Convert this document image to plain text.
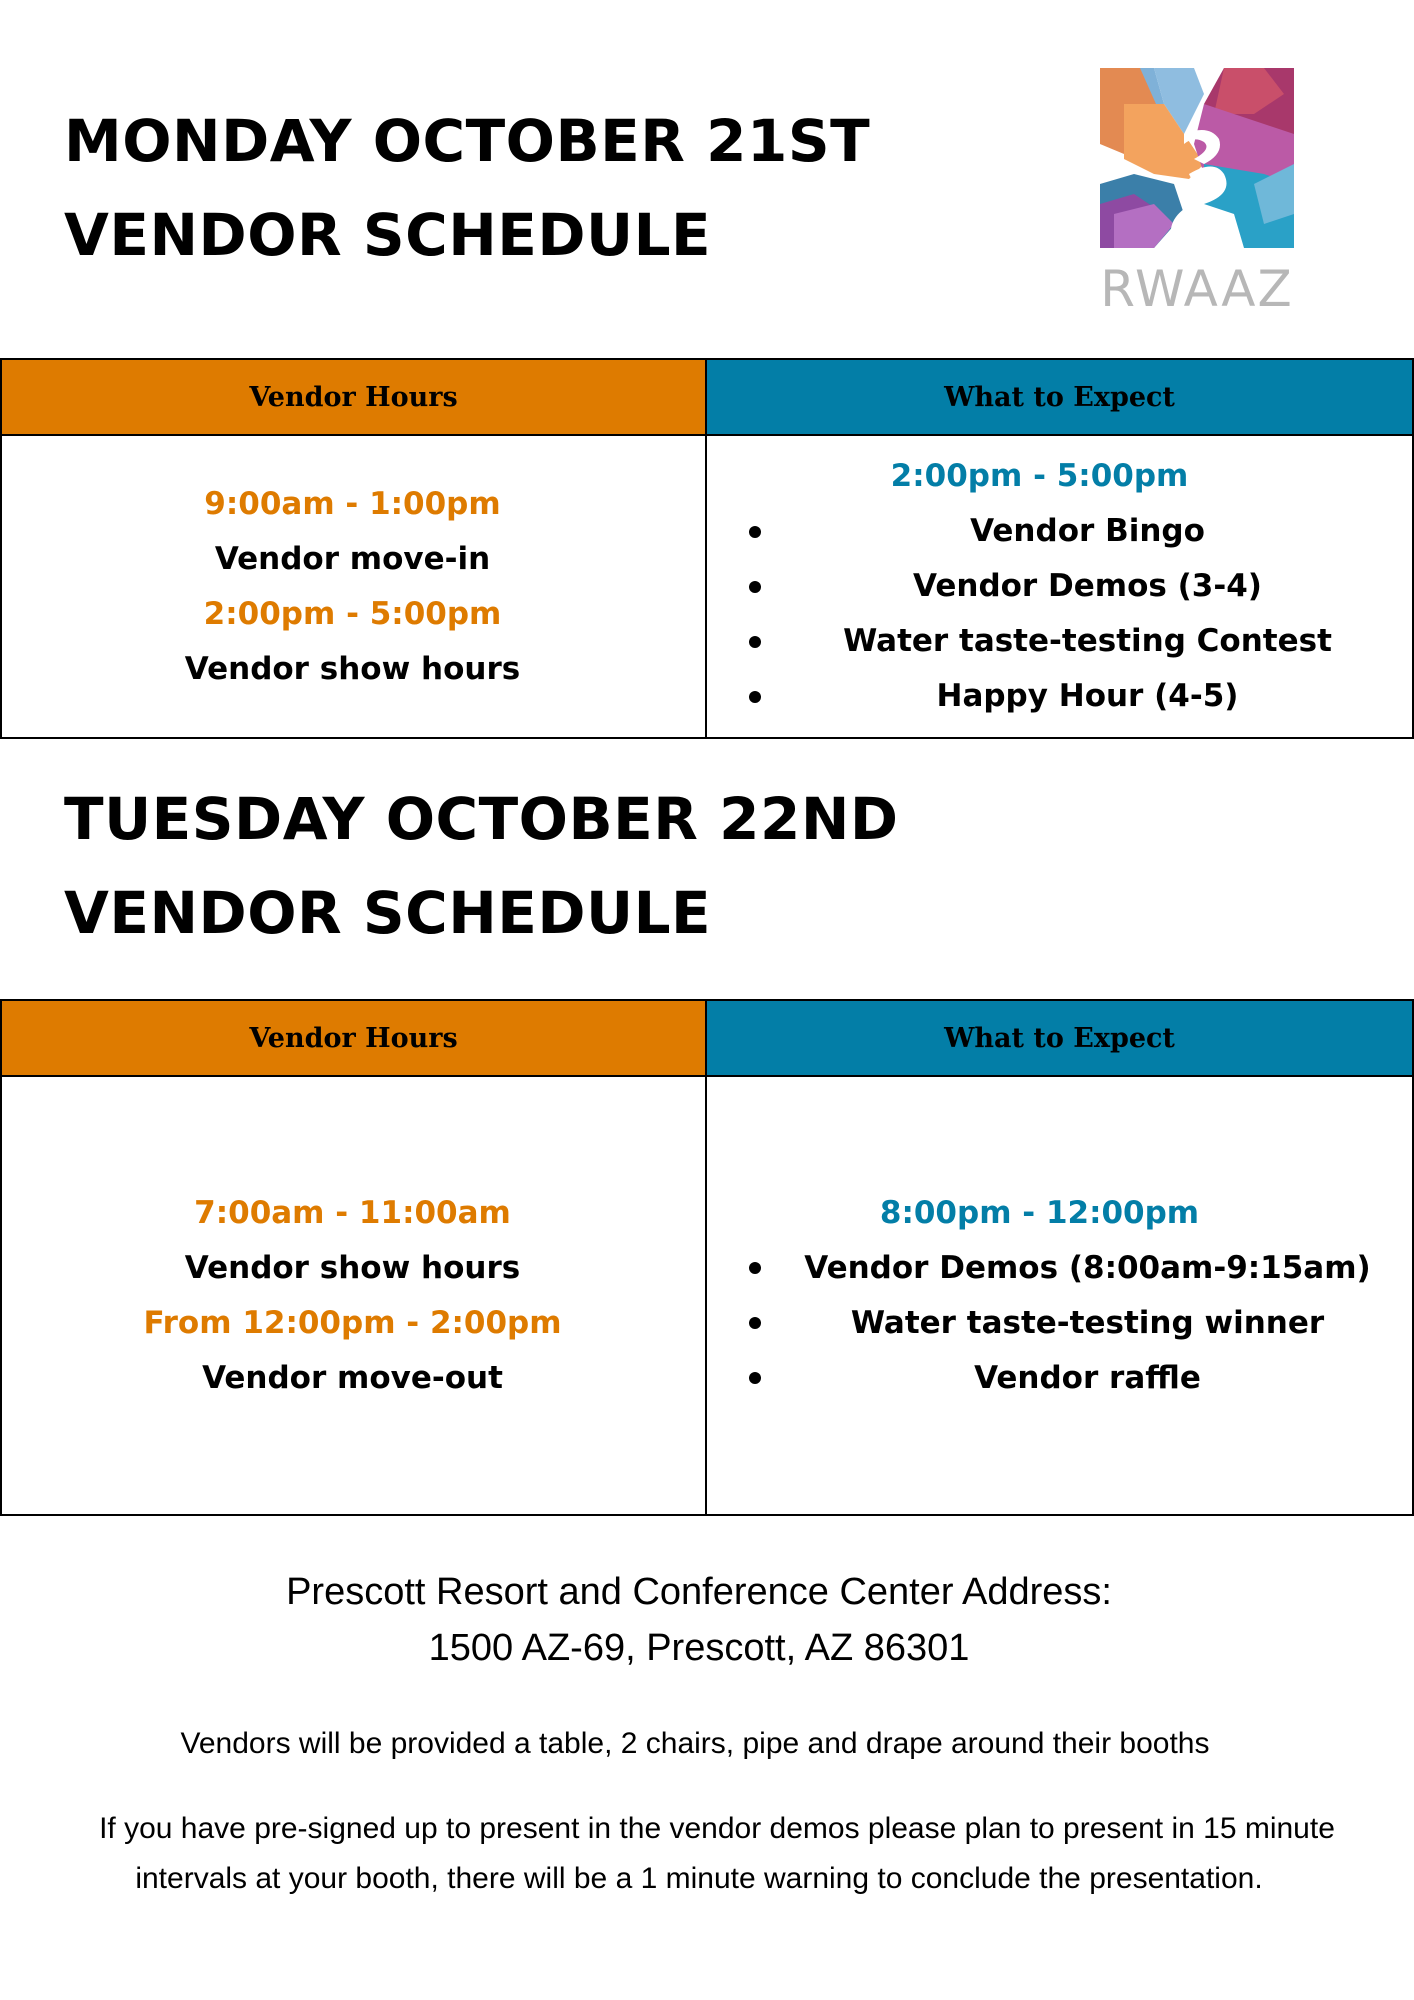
MONDAY OCTOBER 21ST
VENDOR SCHEDULE
RWAAZ
Vendor Hours	What to Expect
9:00am - 1:00pm
Vendor move-in
2:00pm - 5:00pm
Vendor show hours
2:00pm - 5:00pm
Vendor Bingo
Vendor Demos (3-4)
Water taste-testing Contest
Happy Hour (4-5)
TUESDAY OCTOBER 22ND
VENDOR SCHEDULE
Vendor Hours	What to Expect
7:00am - 11:00am
Vendor show hours
From 12:00pm - 2:00pm
Vendor move-out
8:00pm - 12:00pm
Vendor Demos (8:00am-9:15am)
Water taste-testing winner
Vendor raffle
Prescott Resort and Conference Center Address:
1500 AZ-69, Prescott, AZ 86301
Vendors will be provided a table, 2 chairs, pipe and drape around their booths
If you have pre-signed up to present in the vendor demos please plan to present in 15 minute
intervals at your booth, there will be a 1 minute warning to conclude the presentation.
